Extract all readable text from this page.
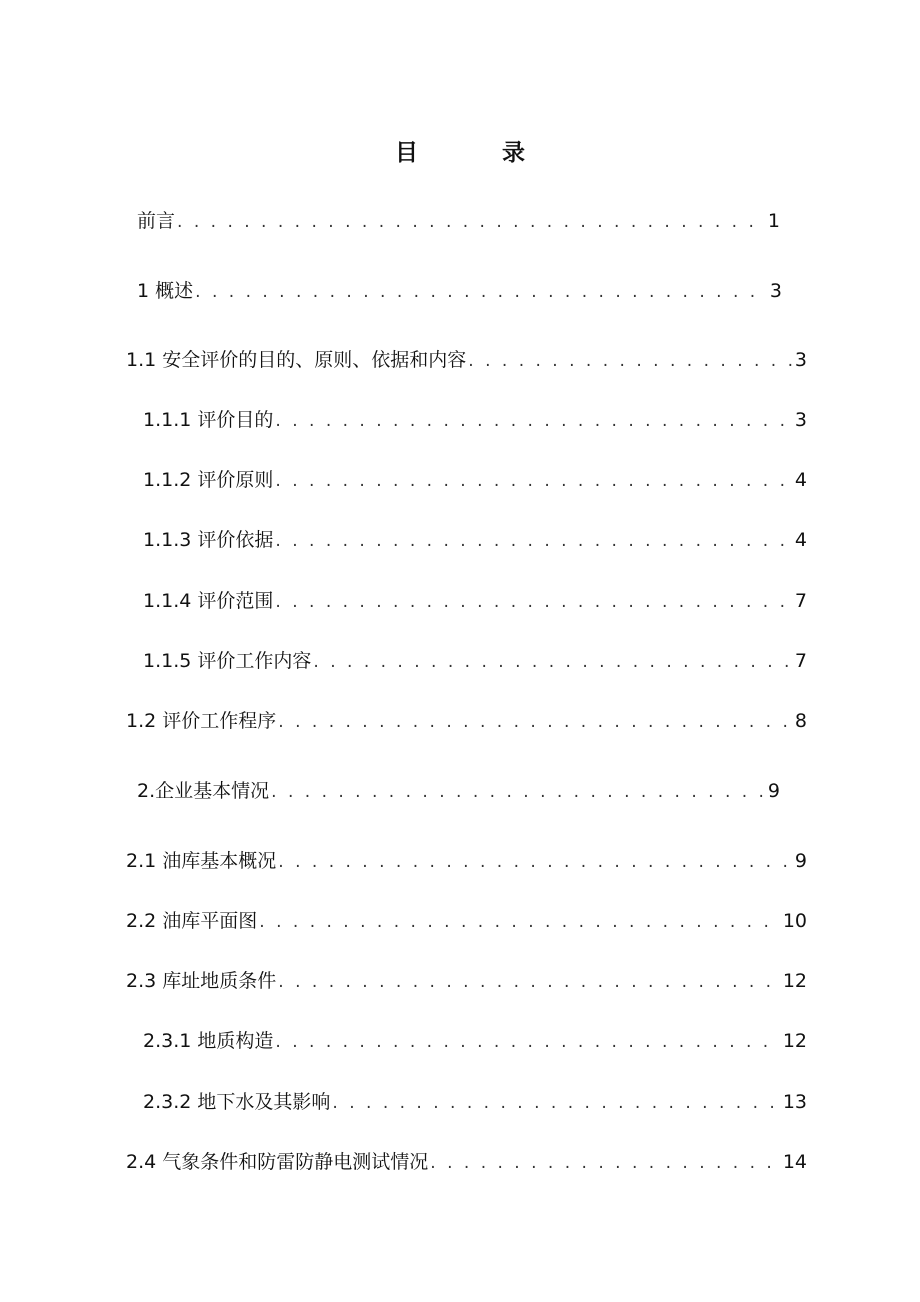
目 录
前言 . . .	1
1 概述 . . .	3
1.1 安全评价的目的、原则、依据和内容 . . .	3
1.1.1 评价目的 . . .	3
1.1.2 评价原则 . . .	4
1.1.3 评价依据 . . .	4
1.1.4 评价范围 . . .	7
1.1.5 评价工作内容 . . .	7
1.2 评价工作程序 . . .	8
2.企业基本情况 . . .	9
2.1 油库基本概况 . . .	9
2.2 油库平面图 . . .	10
2.3 库址地质条件 . . .	12
2.3.1 地质构造 . . .	12
2.3.2 地下水及其影响 . . .	13
2.4 气象条件和防雷防静电测试情况 . . .	14
